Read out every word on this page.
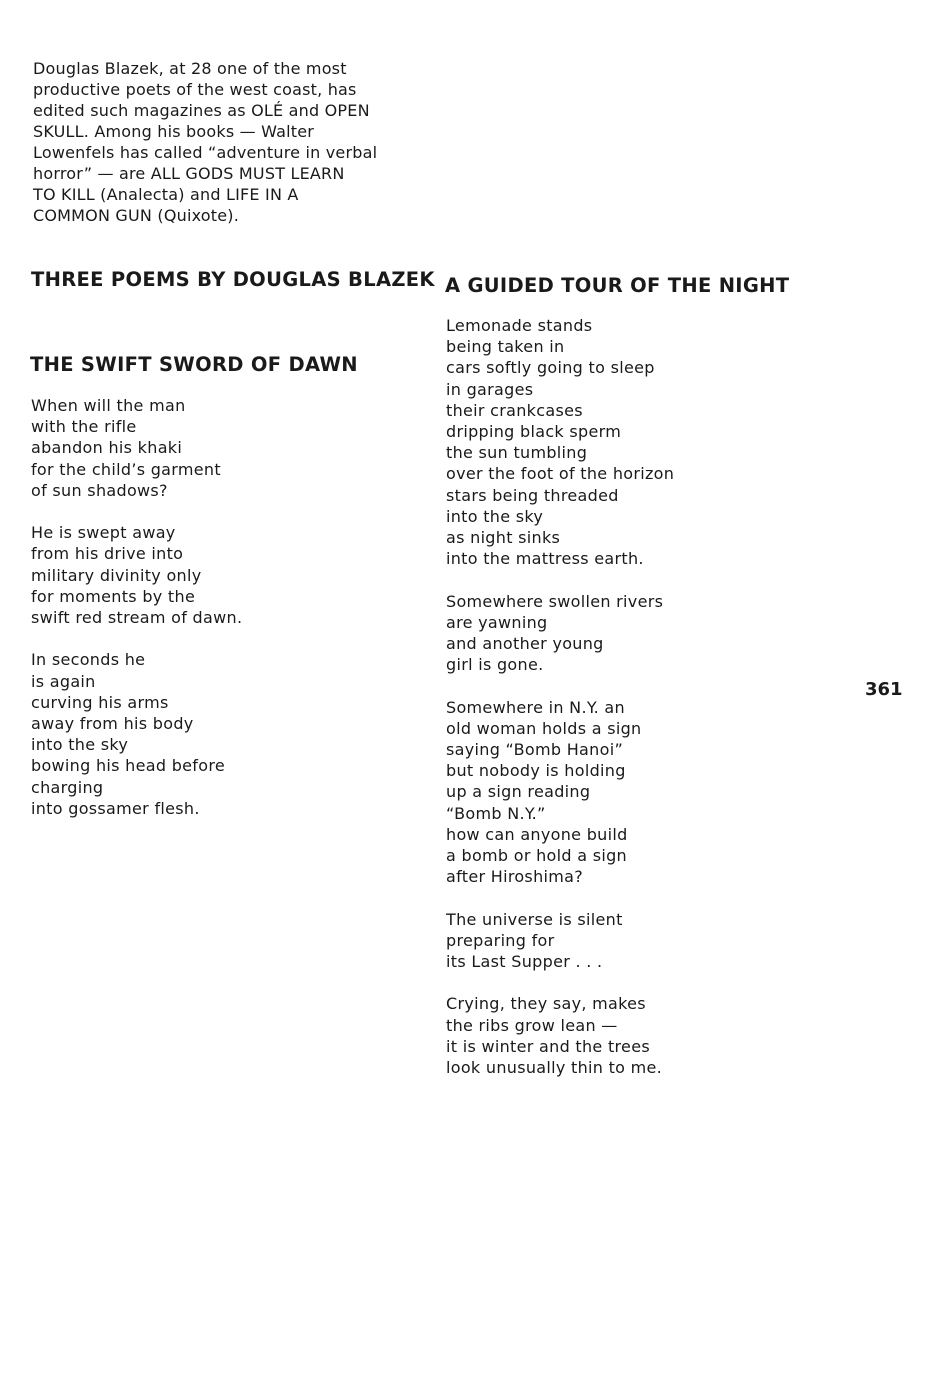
Douglas Blazek, at 28 one of the most
productive poets of the west coast, has
edited such magazines as OLÉ and OPEN
SKULL. Among his books — Walter
Lowenfels has called “adventure in verbal
horror” — are ALL GODS MUST LEARN
TO KILL (Analecta) and LIFE IN A
COMMON GUN (Quixote).
THREE POEMS BY DOUGLAS BLAZEK
THE SWIFT SWORD OF DAWN
When will the man
with the rifle
abandon his khaki
for the child’s garment
of sun shadows?
He is swept away
from his drive into
military divinity only
for moments by the
swift red stream of dawn.
In seconds he
is again
curving his arms
away from his body
into the sky
bowing his head before
charging
into gossamer flesh.
A GUIDED TOUR OF THE NIGHT
Lemonade stands
being taken in
cars softly going to sleep
in garages
their crankcases
dripping black sperm
the sun tumbling
over the foot of the horizon
stars being threaded
into the sky
as night sinks
into the mattress earth.
Somewhere swollen rivers
are yawning
and another young
girl is gone.
Somewhere in N.Y. an
old woman holds a sign
saying “Bomb Hanoi”
but nobody is holding
up a sign reading
“Bomb N.Y.”
how can anyone build
a bomb or hold a sign
after Hiroshima?
The universe is silent
preparing for
its Last Supper . . .
Crying, they say, makes
the ribs grow lean —
it is winter and the trees
look unusually thin to me.
361
